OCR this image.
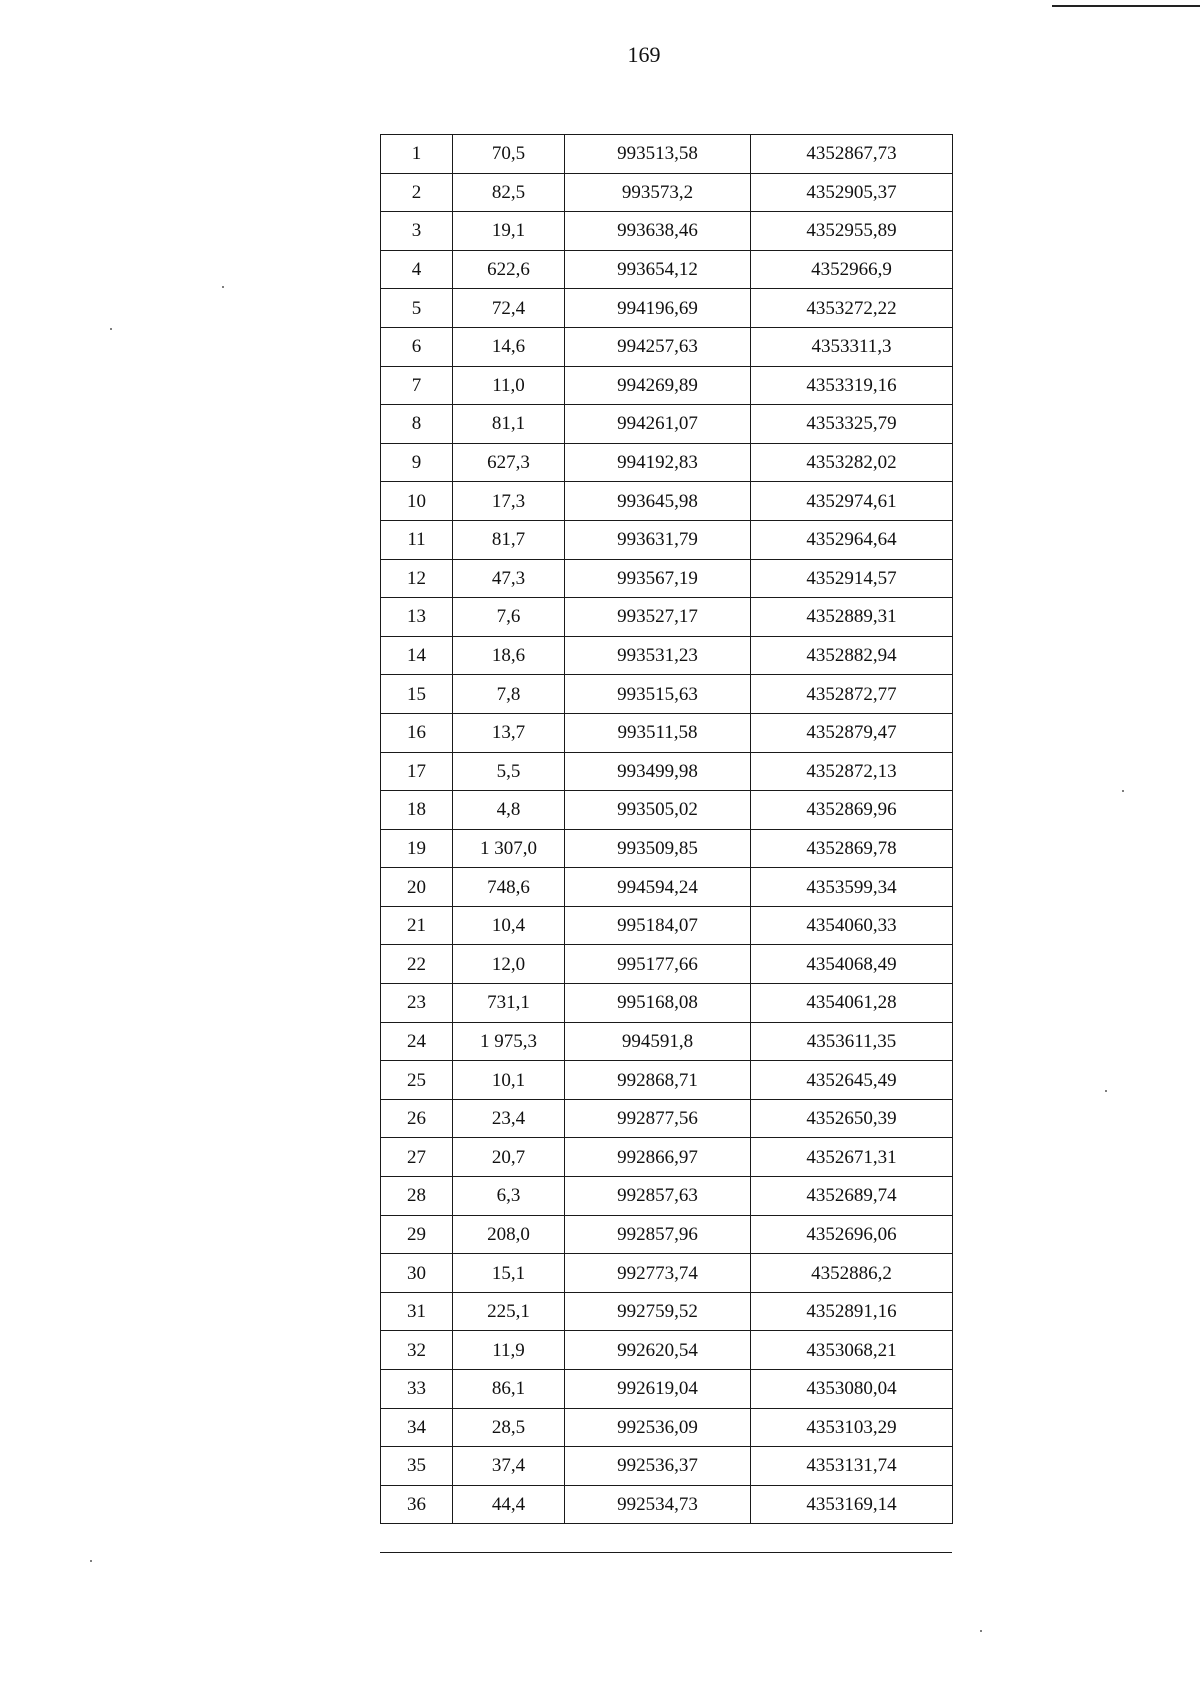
169
1	70,5	993513,58	4352867,73
2	82,5	993573,2	4352905,37
3	19,1	993638,46	4352955,89
4	622,6	993654,12	4352966,9
5	72,4	994196,69	4353272,22
6	14,6	994257,63	4353311,3
7	11,0	994269,89	4353319,16
8	81,1	994261,07	4353325,79
9	627,3	994192,83	4353282,02
10	17,3	993645,98	4352974,61
11	81,7	993631,79	4352964,64
12	47,3	993567,19	4352914,57
13	7,6	993527,17	4352889,31
14	18,6	993531,23	4352882,94
15	7,8	993515,63	4352872,77
16	13,7	993511,58	4352879,47
17	5,5	993499,98	4352872,13
18	4,8	993505,02	4352869,96
19	1 307,0	993509,85	4352869,78
20	748,6	994594,24	4353599,34
21	10,4	995184,07	4354060,33
22	12,0	995177,66	4354068,49
23	731,1	995168,08	4354061,28
24	1 975,3	994591,8	4353611,35
25	10,1	992868,71	4352645,49
26	23,4	992877,56	4352650,39
27	20,7	992866,97	4352671,31
28	6,3	992857,63	4352689,74
29	208,0	992857,96	4352696,06
30	15,1	992773,74	4352886,2
31	225,1	992759,52	4352891,16
32	11,9	992620,54	4353068,21
33	86,1	992619,04	4353080,04
34	28,5	992536,09	4353103,29
35	37,4	992536,37	4353131,74
36	44,4	992534,73	4353169,14
